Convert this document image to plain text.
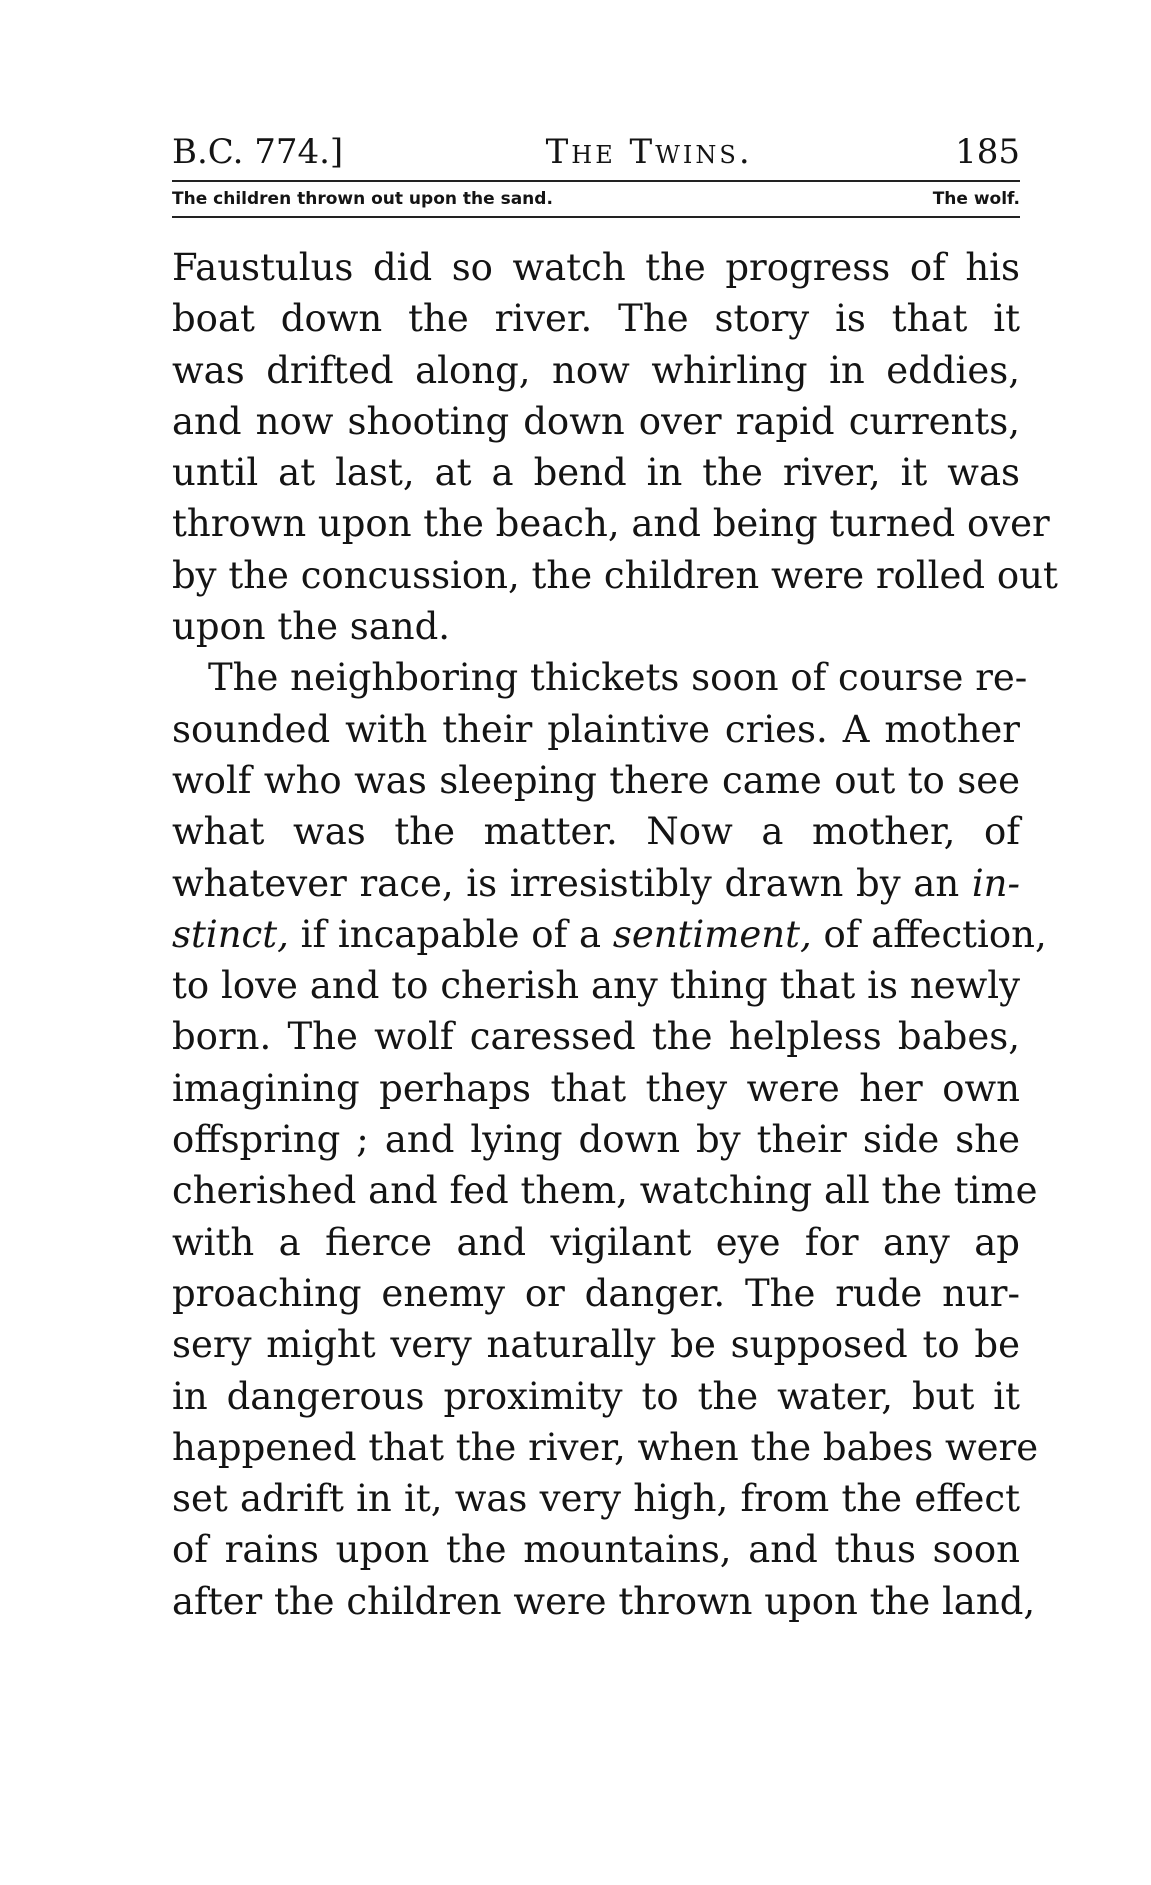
B.C. 774.]	The Twins.	185
The children thrown out upon the sand.	The wolf.
Faustulus did so watch the progress of his
boat down the river. The story is that it
was drifted along, now whirling in eddies,
and now shooting down over rapid currents,
until at last, at a bend in the river, it was
thrown upon the beach, and being turned over
by the concussion, the children were rolled out
upon the sand.
The neighboring thickets soon of course re-
sounded with their plaintive cries. A mother
wolf who was sleeping there came out to see
what was the matter. Now a mother, of
whatever race, is irresistibly drawn by an in-
stinct, if incapable of a sentiment, of affection,
to love and to cherish any thing that is newly
born. The wolf caressed the helpless babes,
imagining perhaps that they were her own
offspring ; and lying down by their side she
cherished and fed them, watching all the time
with a fierce and vigilant eye for any ap
proaching enemy or danger. The rude nur-
sery might very naturally be supposed to be
in dangerous proximity to the water, but it
happened that the river, when the babes were
set adrift in it, was very high, from the effect
of rains upon the mountains, and thus soon
after the children were thrown upon the land,
